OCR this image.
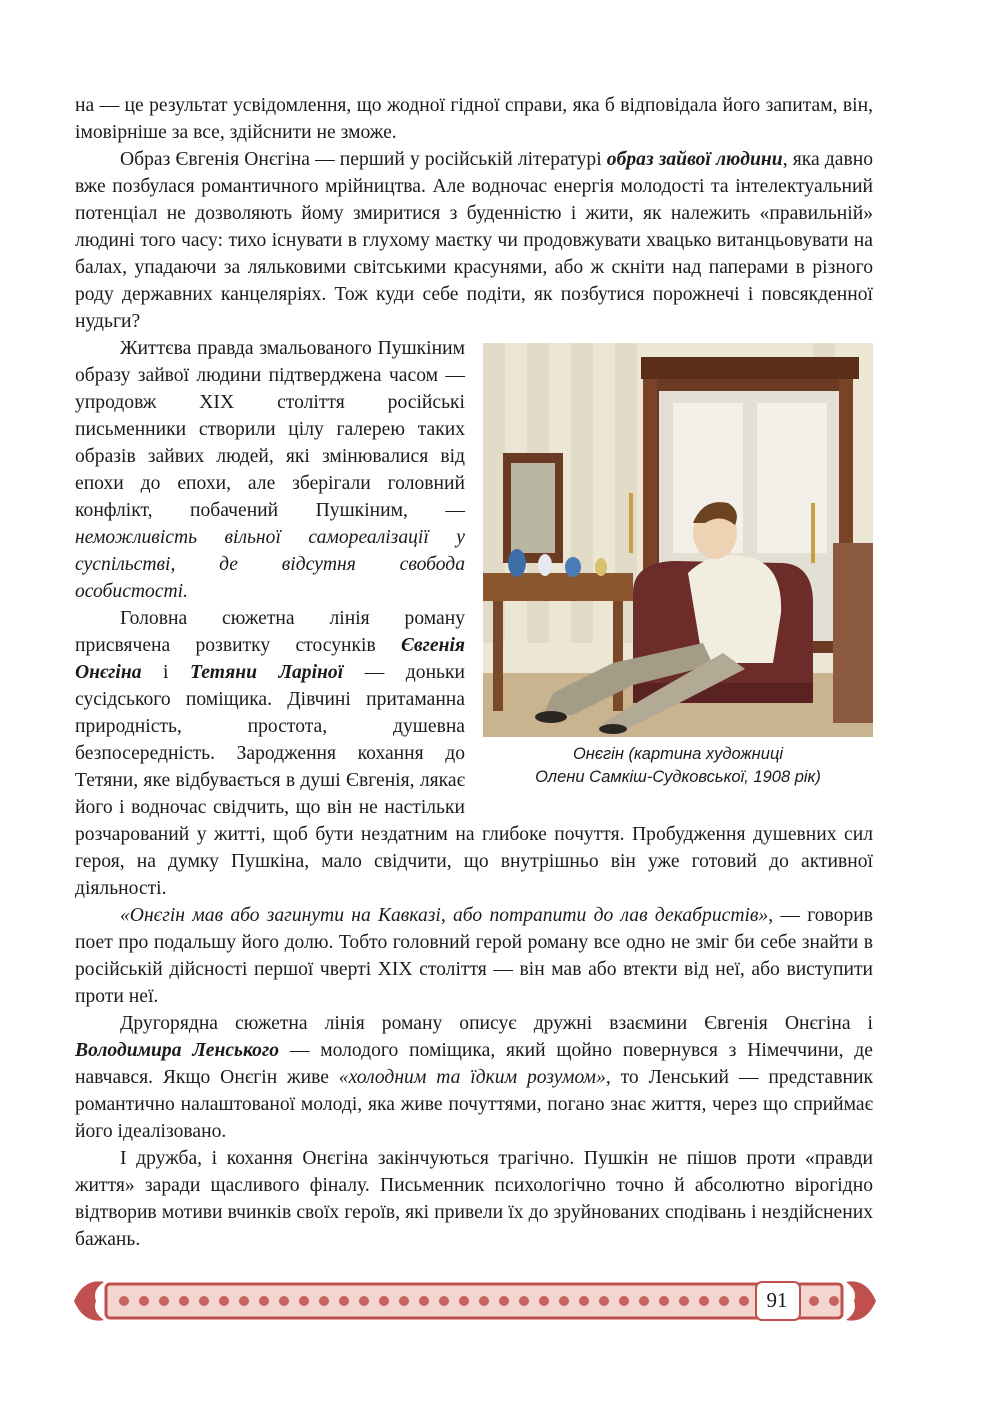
на — це результат усвідомлення, що жодної гідної справи, яка б відповідала його запитам, він, імовірніше за все, здійснити не зможе.

Образ Євгенія Онєгіна — перший у російській літературі образ зайвої людини, яка давно вже позбулася романтичного мрійництва. Але водночас енергія молодості та інтелектуальний потенціал не дозволяють йому змиритися з буденністю і жити, як належить «правильній» людині того часу: тихо існувати в глухому маєтку чи продовжувати хвацько витанцьовувати на балах, упадаючи за ляльковими світськими красунями, або ж скніти над паперами в різного роду державних канцеляріях. Тож куди себе подіти, як позбутися порожнечі і повсякденної нудьги?

Онєгін (картина художниці
Олени Самкіш-Судковської, 1908 рік)

Життєва правда змальованого Пушкіним образу зайвої людини підтверджена часом — упродовж XIX століття російські письменники створили цілу галерею таких образів зайвих людей, які змінювалися від епохи до епохи, але зберігали головний конфлікт, побачений Пушкіним, — неможливість вільної самореалізації у суспільстві, де відсутня свобода особистості.

Головна сюжетна лінія роману присвячена розвитку стосунків Євгенія Онєгіна і Тетяни Ларіної — доньки сусідського поміщика. Дівчині притаманна природність, простота, душевна безпосередність. Зародження кохання до Тетяни, яке відбувається в душі Євгенія, лякає його і водночас свідчить, що він не настільки розчарований у житті, щоб бути нездатним на глибоке почуття. Пробудження душевних сил героя, на думку Пушкіна, мало свідчити, що внутрішньо він уже готовий до активної діяльності.

«Онєгін мав або загинути на Кавказі, або потрапити до лав декабристів», — говорив поет про подальшу його долю. Тобто головний герой роману все одно не зміг би себе знайти в російській дійсності першої чверті XIX століття — він мав або втекти від неї, або виступити проти неї.

Другорядна сюжетна лінія роману описує дружні взаємини Євгенія Онєгіна і Володимира Ленського — молодого поміщика, який щойно повернувся з Німеччини, де навчався. Якщо Онєгін живе «холодним та їдким розумом», то Ленський — представник романтично налаштованої молоді, яка живе почуттями, погано знає життя, через що сприймає його ідеалізовано.

І дружба, і кохання Онєгіна закінчуються трагічно. Пушкін не пішов проти «правди життя» заради щасливого фіналу. Письменник психологічно точно й абсолютно вірогідно відтворив мотиви вчинків своїх героїв, які привели їх до зруйнованих сподівань і нездійснених бажань.

91
